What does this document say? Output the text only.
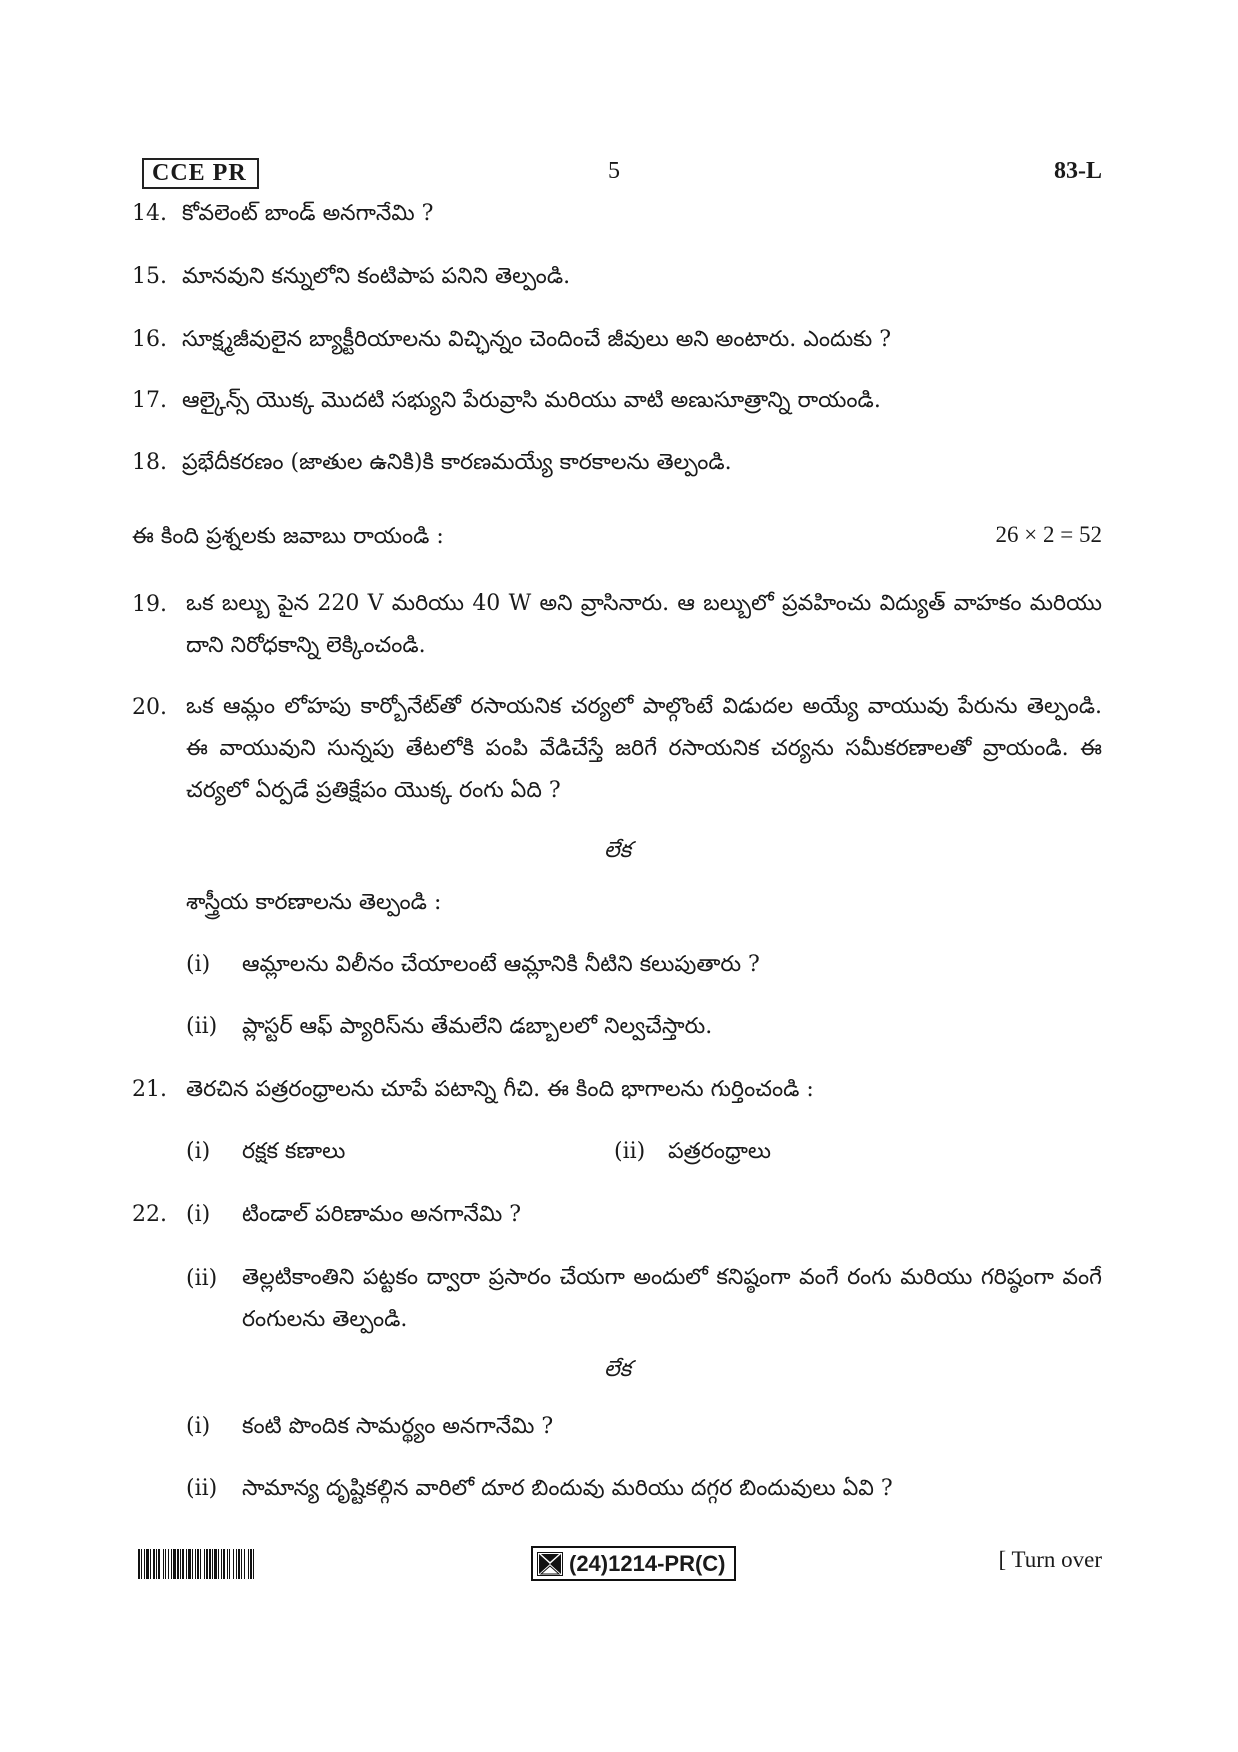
CCE PR	5	83-L
14. కోవలెంట్ బాండ్ అనగానేమి ?
15. మానవుని కన్నులోని కంటిపాప పనిని తెల్పండి.
16. సూక్ష్మజీవులైన బ్యాక్టీరియాలను విచ్ఛిన్నం చెందించే జీవులు అని అంటారు. ఎందుకు ?
17. ఆల్కైన్స్ యొక్క మొదటి సభ్యుని పేరువ్రాసి మరియు వాటి అణుసూత్రాన్ని రాయండి.
18. ప్రభేదీకరణం (జాతుల ఉనికి)కి కారణమయ్యే కారకాలను తెల్పండి.
ఈ కింది ప్రశ్నలకు జవాబు రాయండి :	26 × 2 = 52
19. ఒక బల్బు పైన 220 V మరియు 40 W అని వ్రాసినారు. ఆ బల్బులో ప్రవహించు విద్యుత్ వాహకం మరియు దాని నిరోధకాన్ని లెక్కించండి.
20. ఒక ఆమ్లం లోహపు కార్బోనేట్‌తో రసాయనిక చర్యలో పాల్గొంటే విడుదల అయ్యే వాయువు పేరును తెల్పండి. ఈ వాయువుని సున్నపు తేటలోకి పంపి వేడిచేస్తే జరిగే రసాయనిక చర్యను సమీకరణాలతో వ్రాయండి. ఈ చర్యలో ఏర్పడే ప్రతిక్షేపం యొక్క రంగు ఏది ?
లేక
శాస్త్రీయ కారణాలను తెల్పండి :
(i) ఆమ్లాలను విలీనం చేయాలంటే ఆమ్లానికి నీటిని కలుపుతారు ?
(ii) ప్లాస్టర్ ఆఫ్ ప్యారిస్‌ను తేమలేని డబ్బాలలో నిల్వచేస్తారు.
21. తెరచిన పత్రరంధ్రాలను చూపే పటాన్ని గీచి. ఈ కింది భాగాలను గుర్తించండి :
(i) రక్షక కణాలు	(ii) పత్రరంధ్రాలు
22. (i) టిండాల్ పరిణామం అనగానేమి ?
(ii) తెల్లటికాంతిని పట్టకం ద్వారా ప్రసారం చేయగా అందులో కనిష్ఠంగా వంగే రంగు మరియు గరిష్ఠంగా వంగే రంగులను తెల్పండి.
లేక
(i) కంటి పొందిక సామర్థ్యం అనగానేమి ?
(ii) సామాన్య దృష్టికల్గిన వారిలో దూర బిందువు మరియు దగ్గర బిందువులు ఏవి ?
(24)1214-PR(C)	[ Turn over
